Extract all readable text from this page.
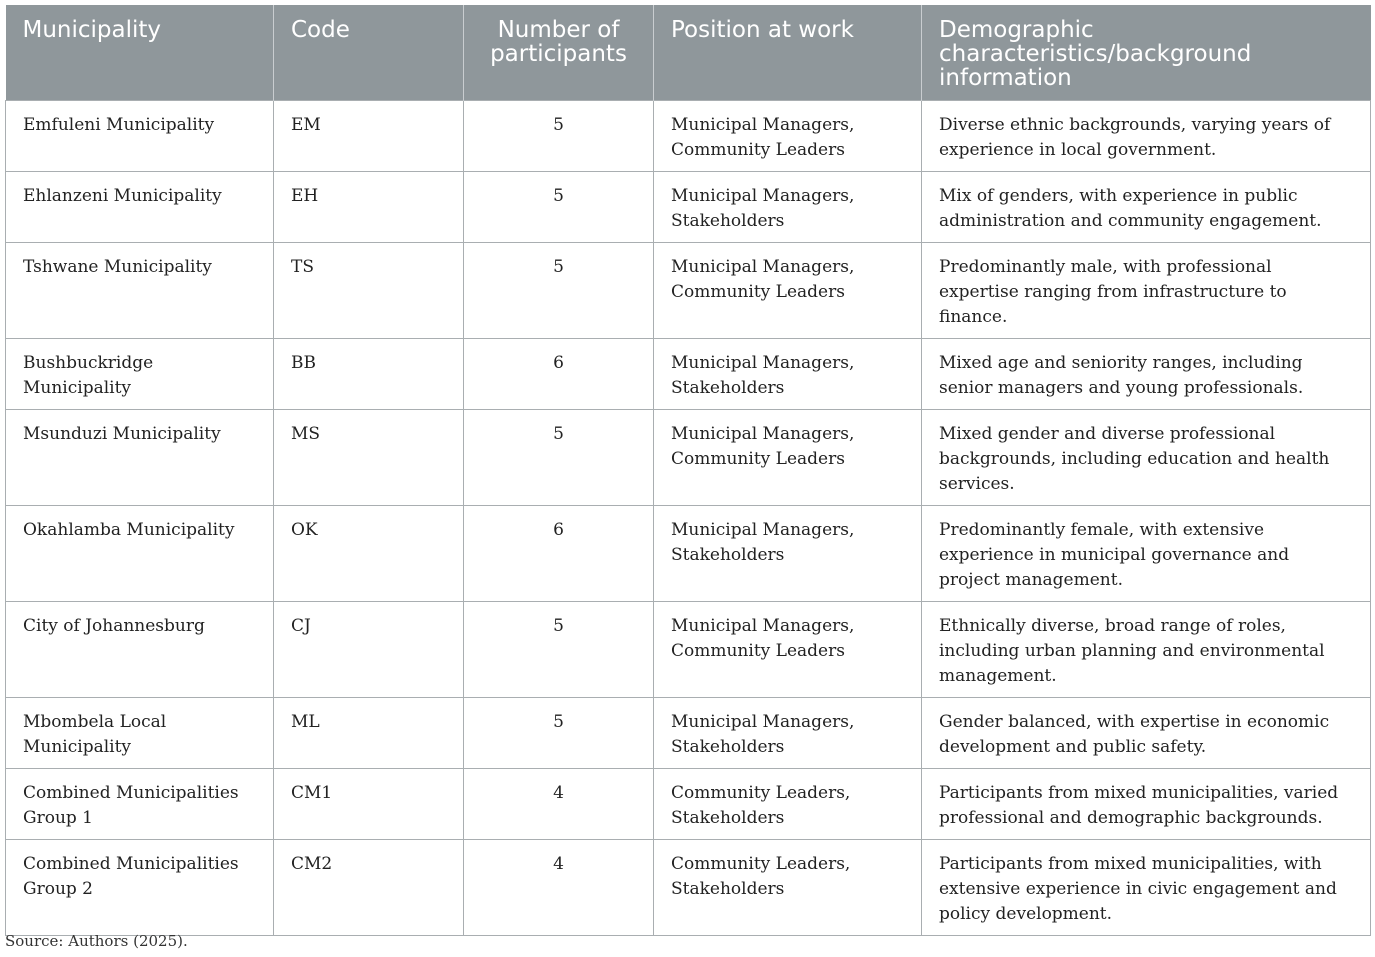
Municipality	Code	Number of participants	Position at work	Demographic characteristics/background information
Emfuleni Municipality	EM	5	Municipal Managers, Community Leaders	Diverse ethnic backgrounds, varying years of experience in local government.
Ehlanzeni Municipality	EH	5	Municipal Managers, Stakeholders	Mix of genders, with experience in public administration and community engagement.
Tshwane Municipality	TS	5	Municipal Managers, Community Leaders	Predominantly male, with professional expertise ranging from infrastructure to finance.
Bushbuckridge Municipality	BB	6	Municipal Managers, Stakeholders	Mixed age and seniority ranges, including senior managers and young professionals.
Msunduzi Municipality	MS	5	Municipal Managers, Community Leaders	Mixed gender and diverse professional backgrounds, including education and health services.
Okahlamba Municipality	OK	6	Municipal Managers, Stakeholders	Predominantly female, with extensive experience in municipal governance and project management.
City of Johannesburg	CJ	5	Municipal Managers, Community Leaders	Ethnically diverse, broad range of roles, including urban planning and environmental management.
Mbombela Local Municipality	ML	5	Municipal Managers, Stakeholders	Gender balanced, with expertise in economic development and public safety.
Combined Municipalities Group 1	CM1	4	Community Leaders, Stakeholders	Participants from mixed municipalities, varied professional and demographic backgrounds.
Combined Municipalities Group 2	CM2	4	Community Leaders, Stakeholders	Participants from mixed municipalities, with extensive experience in civic engagement and policy development.
Source: Authors (2025).
